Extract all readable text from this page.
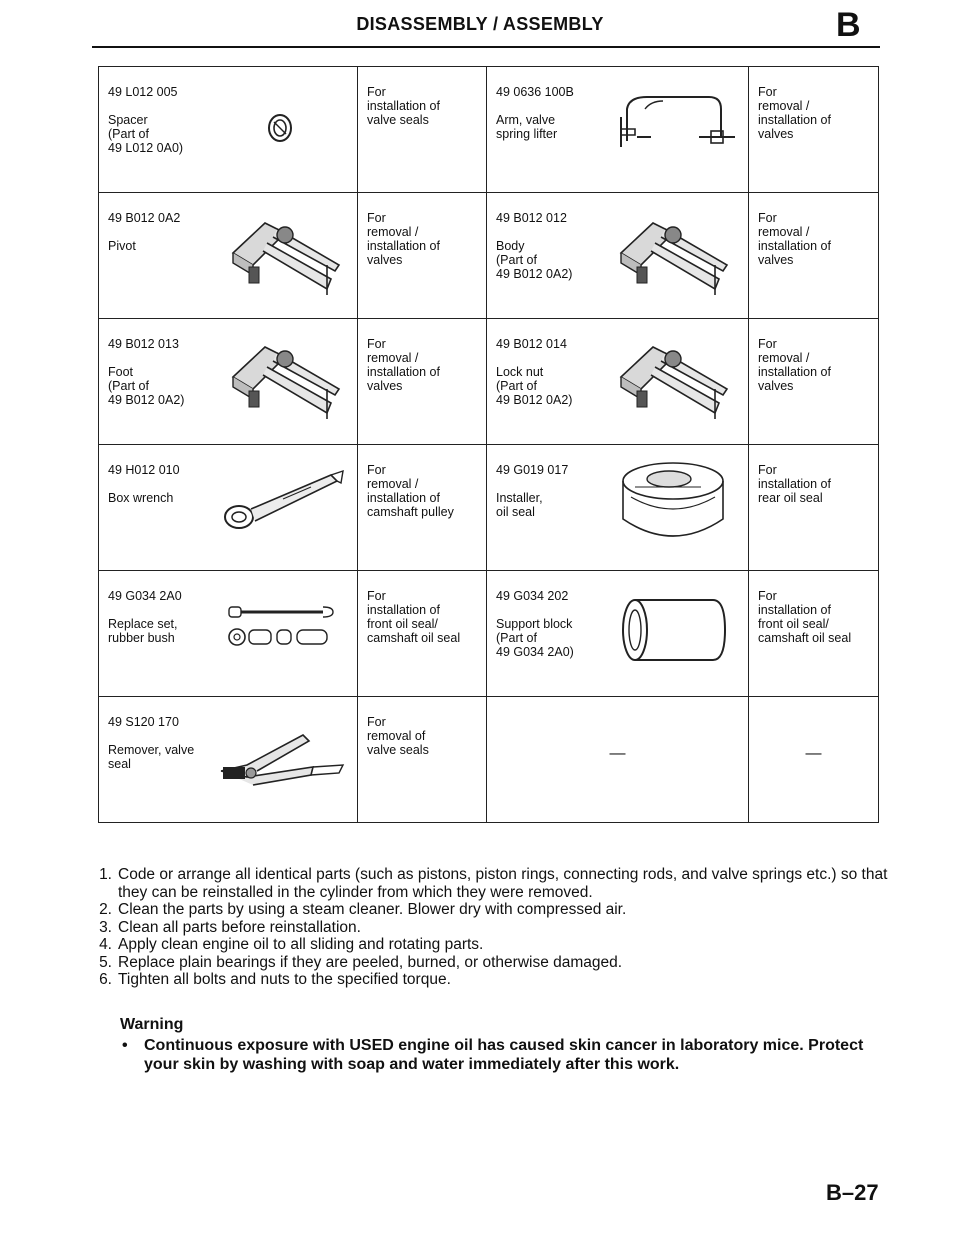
DISASSEMBLY / ASSEMBLY	B
49 L012 005
Spacer
(Part of
49 L012 0A0)	For
installation of
valve seals	49 0636 100B
Arm, valve
spring lifter	For
removal /
installation of
valves

49 B012 0A2
Pivot	For
removal /
installation of
valves	49 B012 012
Body
(Part of
49 B012 0A2)	For
removal /
installation of
valves

49 B012 013
Foot
(Part of
49 B012 0A2)	For
removal /
installation of
valves	49 B012 014
Lock nut
(Part of
49 B012 0A2)	For
removal /
installation of
valves

49 H012 010
Box wrench	For
removal /
installation of
camshaft pulley	49 G019 017
Installer,
oil seal	For
installation of
rear oil seal

49 G034 2A0
Replace set,
rubber bush	For
installation of
front oil seal/
camshaft oil seal	49 G034 202
Support block
(Part of
49 G034 2A0)	For
installation of
front oil seal/
camshaft oil seal

49 S120 170
Remover, valve
seal	For
removal of
valve seals	—	—
1. Code or arrange all identical parts (such as pistons, piston rings, connecting rods, and valve springs etc.) so that they can be reinstalled in the cylinder from which they were removed.
2. Clean the parts by using a steam cleaner. Blower dry with compressed air.
3. Clean all parts before reinstallation.
4. Apply clean engine oil to all sliding and rotating parts.
5. Replace plain bearings if they are peeled, burned, or otherwise damaged.
6. Tighten all bolts and nuts to the specified torque.
Warning
•	Continuous exposure with USED engine oil has caused skin cancer in laboratory mice. Protect your skin by washing with soap and water immediately after this work.
B–27
